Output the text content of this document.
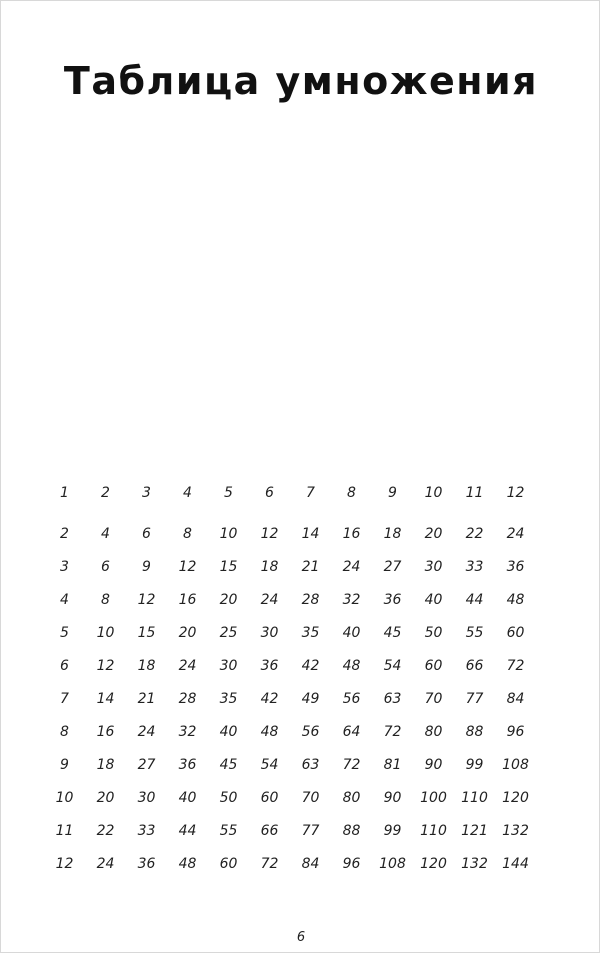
Таблица умножения
1	2	3	4	5	6	7	8	9	10	11	12
2	4	6	8	10	12	14	16	18	20	22	24
3	6	9	12	15	18	21	24	27	30	33	36
4	8	12	16	20	24	28	32	36	40	44	48
5	10	15	20	25	30	35	40	45	50	55	60
6	12	18	24	30	36	42	48	54	60	66	72
7	14	21	28	35	42	49	56	63	70	77	84
8	16	24	32	40	48	56	64	72	80	88	96
9	18	27	36	45	54	63	72	81	90	99	108
10	20	30	40	50	60	70	80	90	100	110	120
11	22	33	44	55	66	77	88	99	110	121	132
12	24	36	48	60	72	84	96	108	120	132	144
6
